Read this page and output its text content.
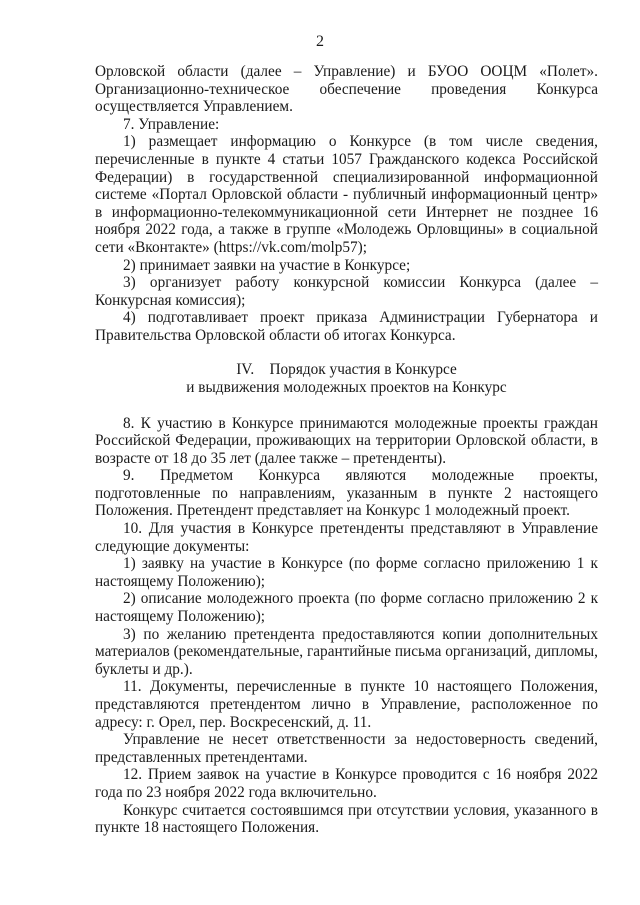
2

Орловской области (далее – Управление) и БУОО ООЦМ «Полет». Организационно-техническое обеспечение проведения Конкурса осуществляется Управлением.

7. Управление:

1) размещает информацию о Конкурсе (в том числе сведения, перечисленные в пункте 4 статьи 1057 Гражданского кодекса Российской Федерации) в государственной специализированной информационной системе «Портал Орловской области - публичный информационный центр» в информационно-телекоммуникационной сети Интернет не позднее 16 ноября 2022 года, а также в группе «Молодежь Орловщины» в социальной сети «Вконтакте» (https://vk.com/molp57);

2) принимает заявки на участие в Конкурсе;

3) организует работу конкурсной комиссии Конкурса (далее – Конкурсная комиссия);

4) подготавливает проект приказа Администрации Губернатора и Правительства Орловской области об итогах Конкурса.

IV.    Порядок участия в Конкурсе
и выдвижения молодежных проектов на Конкурс

8. К участию в Конкурсе принимаются молодежные проекты граждан Российской Федерации, проживающих на территории Орловской области, в возрасте от 18 до 35 лет (далее также – претенденты).

9. Предметом Конкурса являются молодежные проекты, подготовленные по направлениям, указанным в пункте 2 настоящего Положения. Претендент представляет на Конкурс 1 молодежный проект.

10. Для участия в Конкурсе претенденты представляют в Управление следующие документы:

1) заявку на участие в Конкурсе (по форме согласно приложению 1 к настоящему Положению);

2) описание молодежного проекта (по форме согласно приложению 2 к настоящему Положению);

3) по желанию претендента предоставляются копии дополнительных материалов (рекомендательные, гарантийные письма организаций, дипломы, буклеты и др.).

11. Документы, перечисленные в пункте 10 настоящего Положения, представляются претендентом лично в Управление, расположенное по адресу: г. Орел, пер. Воскресенский, д. 11.

Управление не несет ответственности за недостоверность сведений, представленных претендентами.

12. Прием заявок на участие в Конкурсе проводится с 16 ноября 2022 года по 23 ноября 2022 года включительно.

Конкурс считается состоявшимся при отсутствии условия, указанного в пункте 18 настоящего Положения.
